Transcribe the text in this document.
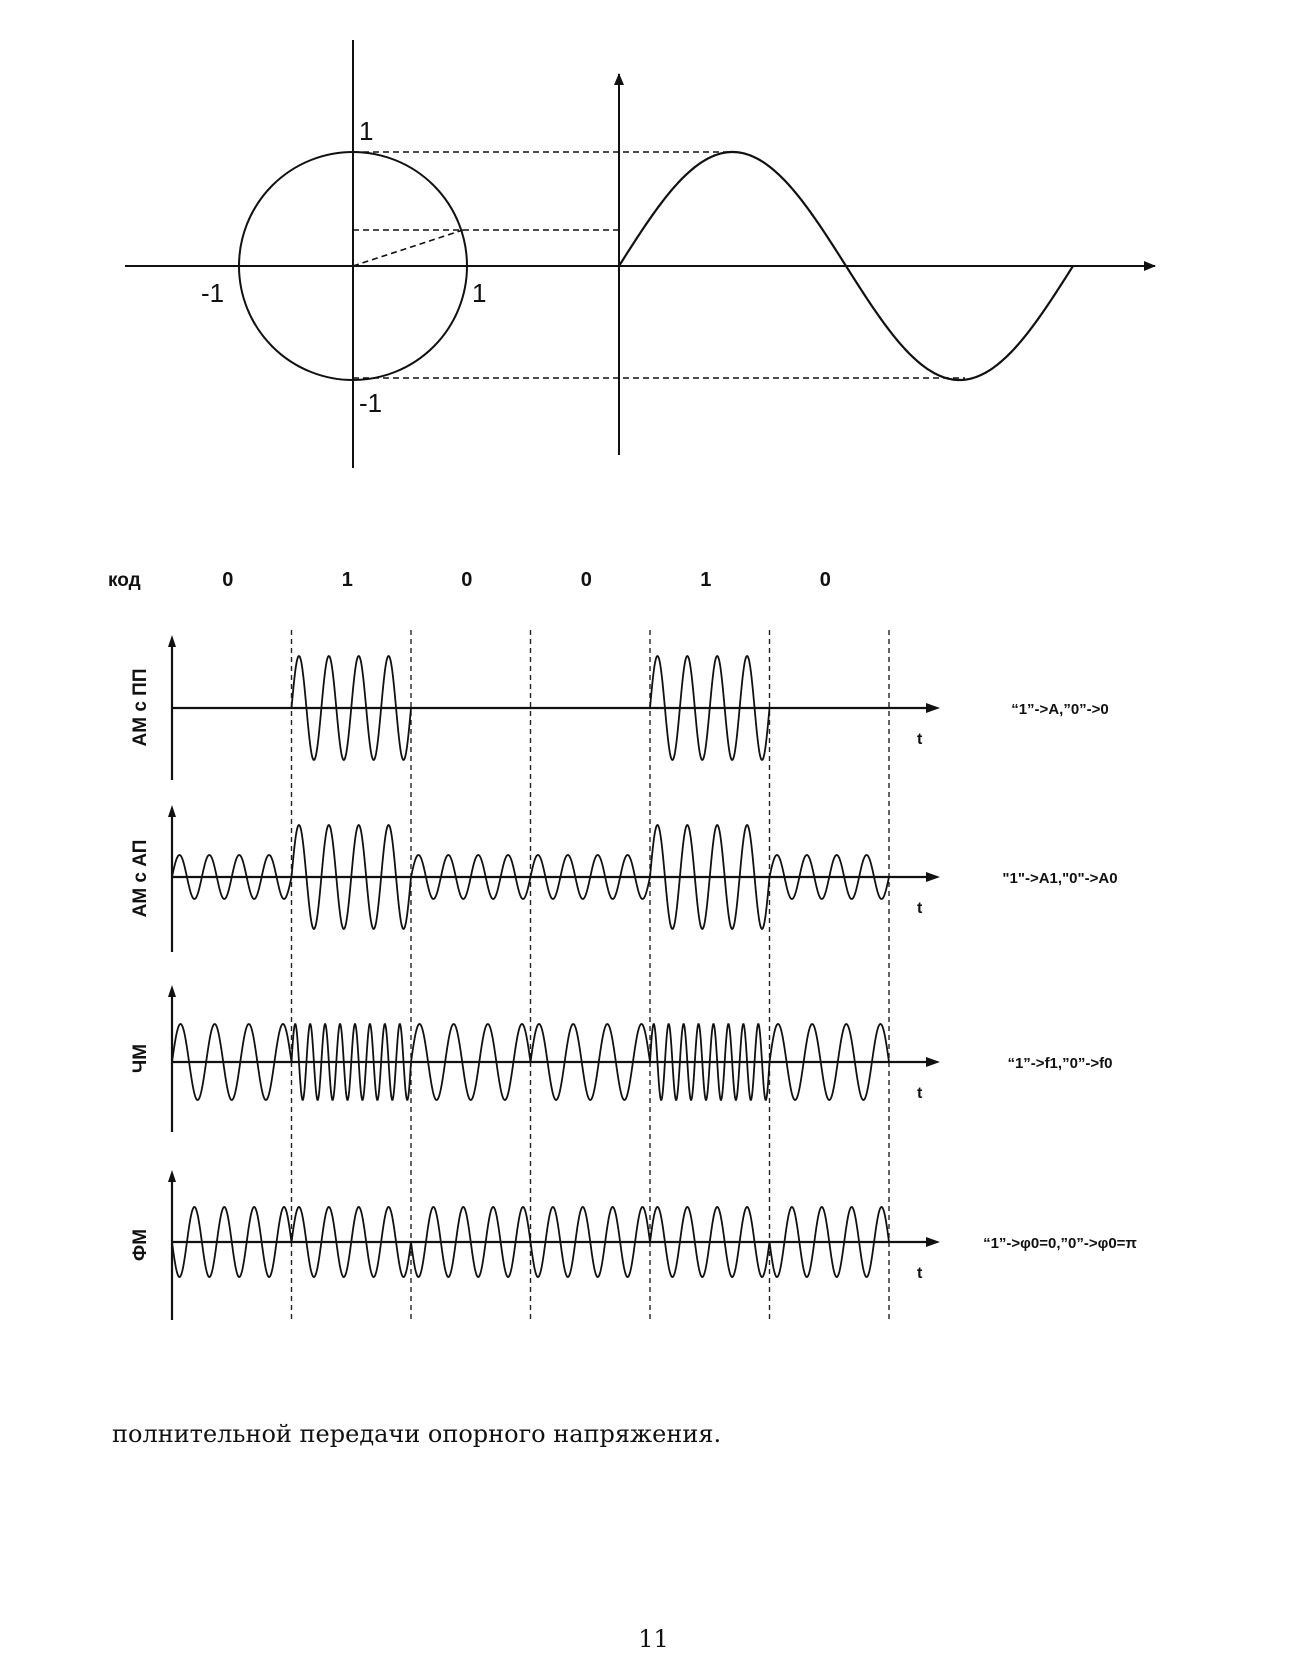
1
-1
-1	1
код	0	1	0	0	1	0
t
АМ с ПП	“1”->А,”0”->0
t
АМ с АП	"1"->А1,"0"->А0
t
ЧМ	“1”->f1,”0”->f0
t
ФМ	“1”->φ0=0,”0”->φ0=π
полнительной передачи опорного напряжения.
11
